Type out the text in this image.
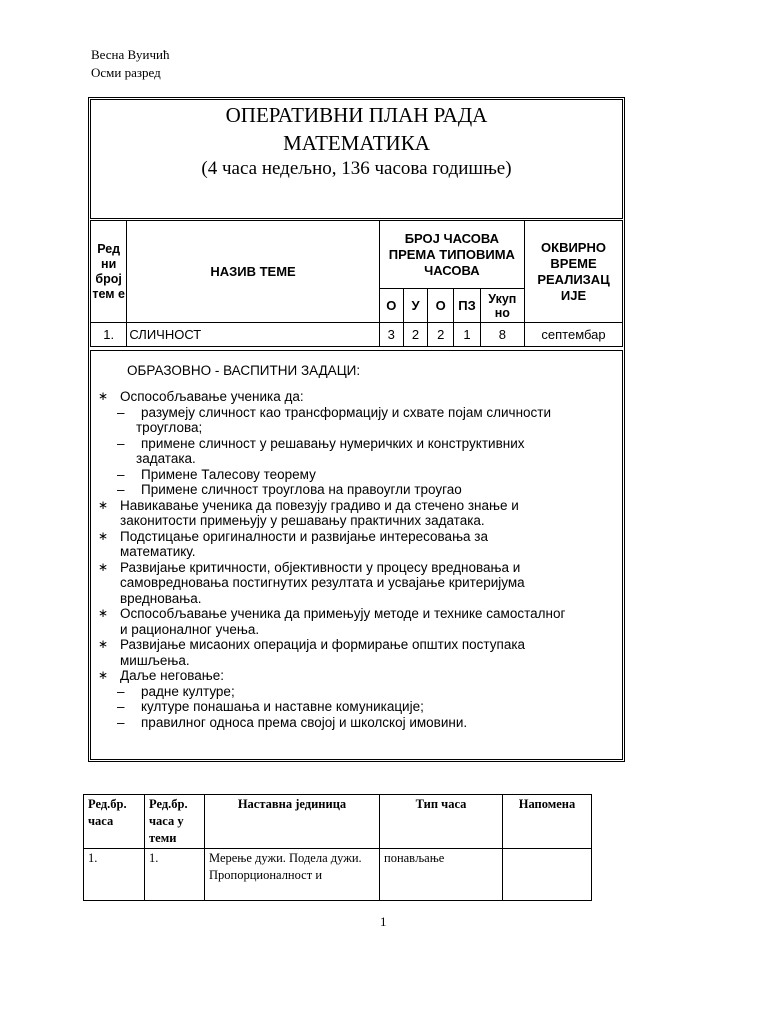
Весна Вуичић
Осми разред
ОПЕРАТИВНИ ПЛАН РАДА
МАТЕМАТИКА
(4 часа недељно, 136 часова годишње)
Ред ни број тем е	НАЗИВ ТЕМЕ	БРОЈ ЧАСОВА ПРЕМА ТИПОВИМА ЧАСОВА					ОКВИРНО ВРЕМЕ РЕАЛИЗАЦ ИЈЕ
		О	У	О	ПЗ	Укуп но	
1.	СЛИЧНОСТ	3	2	2	1	8	септембар
ОБРАЗОВНО - ВАСПИТНИ ЗАДАЦИ:
∗ Оспособљавање ученика да:
– разумеју сличност као трансформацију и схвате појам сличности
троуглова;
– примене сличност у решавању нумеричких и конструктивних
задатака.
– Примене Талесову теорему
– Примене сличност троуглова на правоугли троугао
∗ Навикавање ученика да повезују градиво и да стечено знање и
законитости примењују у решавању практичних задатака.
∗ Подстицање оригиналности и развијање интересовања за
математику.
∗ Развијање критичности, објективности у процесу вредновања и
самовредновања постигнутих резултата и усвајање критеријума
вредновања.
∗ Оспособљавање ученика да примењују методе и технике самосталног
и рационалног учења.
∗ Развијање мисаоних операција и формирање општих поступака
мишљења.
∗ Даље неговање:
– радне културе;
– културе понашања и наставне комуникације;
– правилног односа према својој и школској имовини.
Ред.бр. часа	Ред.бр. часа у теми	Наставна јединица	Тип часа	Напомена
1.	1.	Мерење дужи. Подела дужи. Пропорционалност и	понављање	
1
